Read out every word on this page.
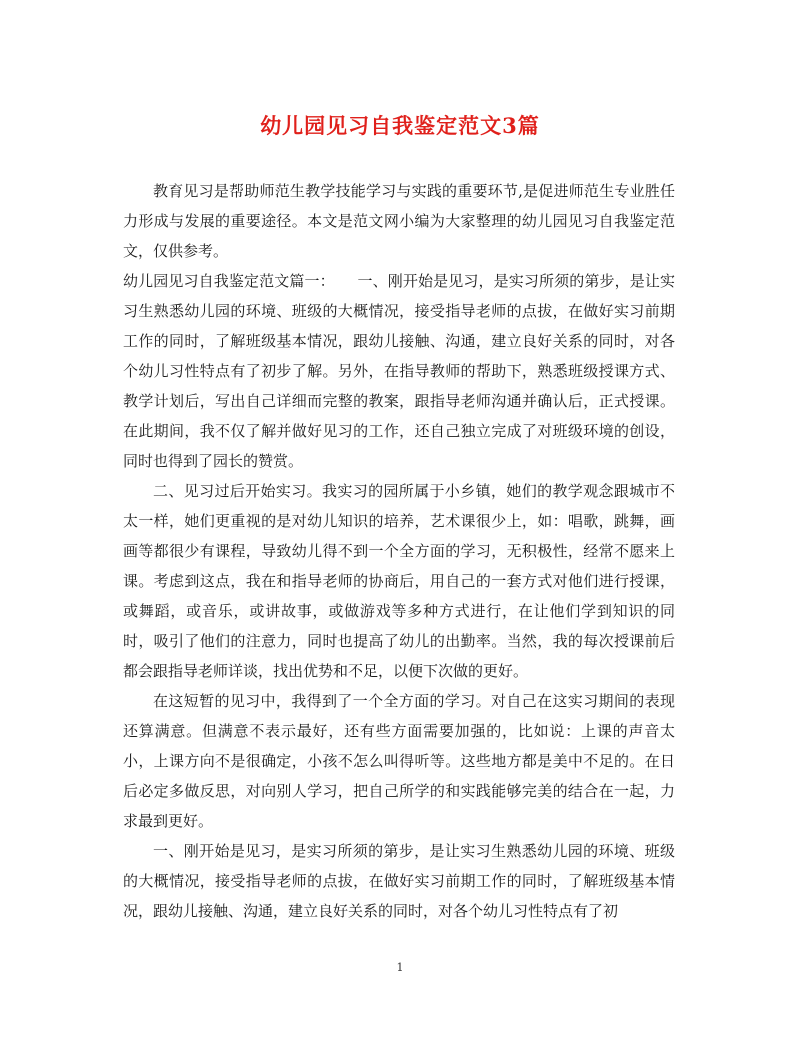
幼儿园见习自我鉴定范文3篇

教育见习是帮助师范生教学技能学习与实践的重要环节,是促进师范生专业胜任力形成与发展的重要途径。本文是范文网小编为大家整理的幼儿园见习自我鉴定范文，仅供参考。

幼儿园见习自我鉴定范文篇一：　　一、刚开始是见习，是实习所须的第步，是让实习生熟悉幼儿园的环境、班级的大概情况，接受指导老师的点拔，在做好实习前期工作的同时，了解班级基本情况，跟幼儿接触、沟通，建立良好关系的同时，对各个幼儿习性特点有了初步了解。另外，在指导教师的帮助下，熟悉班级授课方式、教学计划后，写出自己详细而完整的教案，跟指导老师沟通并确认后，正式授课。在此期间，我不仅了解并做好见习的工作，还自己独立完成了对班级环境的创设，同时也得到了园长的赞赏。

二、见习过后开始实习。我实习的园所属于小乡镇，她们的教学观念跟城市不太一样，她们更重视的是对幼儿知识的培养，艺术课很少上，如：唱歌，跳舞，画画等都很少有课程，导致幼儿得不到一个全方面的学习，无积极性，经常不愿来上课。考虑到这点，我在和指导老师的协商后，用自己的一套方式对他们进行授课，或舞蹈，或音乐，或讲故事，或做游戏等多种方式进行，在让他们学到知识的同时，吸引了他们的注意力，同时也提高了幼儿的出勤率。当然，我的每次授课前后都会跟指导老师详谈，找出优势和不足，以便下次做的更好。

在这短暂的见习中，我得到了一个全方面的学习。对自己在这实习期间的表现还算满意。但满意不表示最好，还有些方面需要加强的，比如说：上课的声音太小，上课方向不是很确定，小孩不怎么叫得听等。这些地方都是美中不足的。在日后必定多做反思，对向别人学习，把自己所学的和实践能够完美的结合在一起，力求最到更好。

一、刚开始是见习，是实习所须的第步，是让实习生熟悉幼儿园的环境、班级的大概情况，接受指导老师的点拔，在做好实习前期工作的同时，了解班级基本情况，跟幼儿接触、沟通，建立良好关系的同时，对各个幼儿习性特点有了初

1
